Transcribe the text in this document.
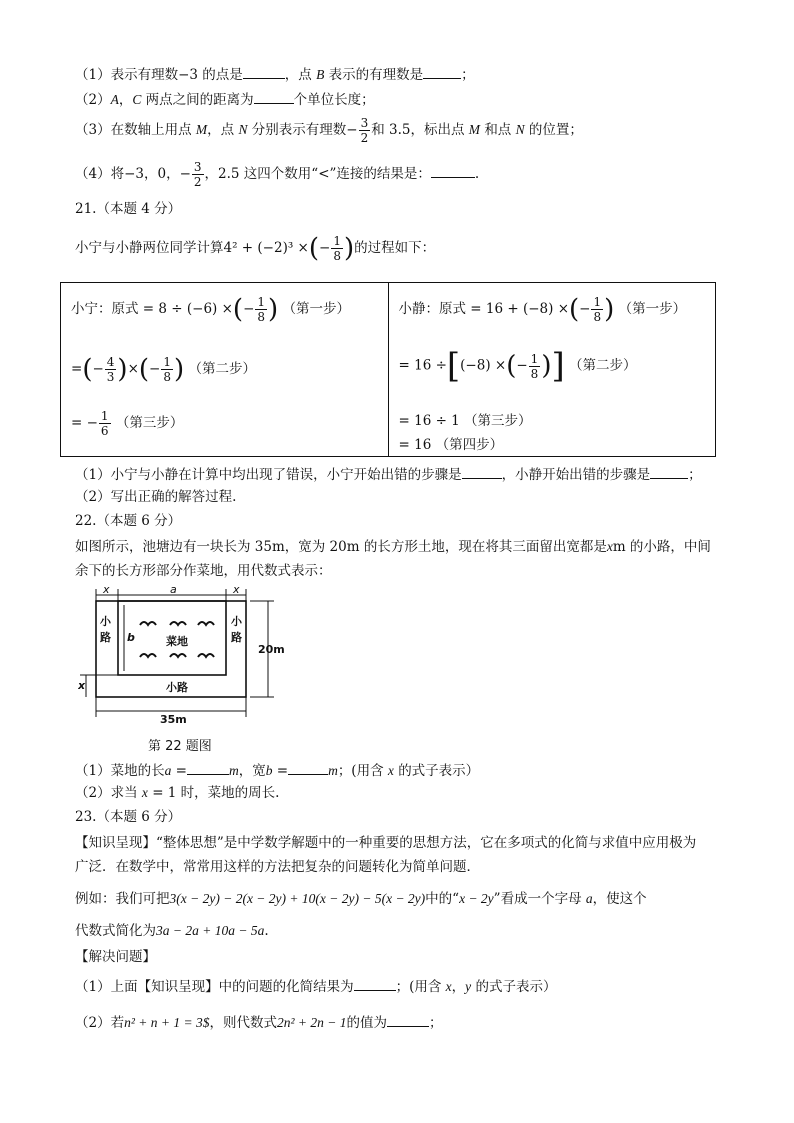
（1）表示有理数−3 的点是	，点 B 表示的有理数是	；
（2）A，C 两点之间的距离为	个单位长度；
（3）在数轴上用点 M，点 N 分别表示有理数− $\frac{3}{2}$ 和 3.5，标出点 M 和点 N 的位置；
（4）将−3，0，− $\frac{3}{2}$ ，2.5 这四个数用“<”连接的结果是：	.
21.（本题 4 分）
小宁与小静两位同学计算4² + (−2)³ ×(− $\frac{1}{8}$ )的过程如下：
小宁：原式 = 8 ÷ (−6) ×(− $\frac{1}{8}$ ) （第一步）
=(− $\frac{4}{3}$ )×(− $\frac{1}{8}$ ) （第二步）
= − $\frac{1}{6}$ （第三步）

小静：原式 = 16 + (−8) ×(− $\frac{1}{8}$ ) （第一步）
= 16 ÷[(−8) ×(− $\frac{1}{8}$ )] （第二步）
= 16 ÷ 1 （第三步）
= 16 （第四步）
（1）小宁与小静在计算中均出现了错误，小宁开始出错的步骤是	，小静开始出错的步骤是	；
（2）写出正确的解答过程.
22.（本题 6 分）
如图所示，池塘边有一块长为 35m，宽为 20m 的长方形土地，现在将其三面留出宽都是xm 的小路，中间
余下的长方形部分作菜地，用代数式表示：
x	a	x
小
路
小
路
小路
b	菜地
20m
x
35m
第 22 题图
（1）菜地的长a =	m，宽b =	m；(用含 x 的式子表示）
（2）求当 x = 1 时，菜地的周长.
23.（本题 6 分）
【知识呈现】“整体思想”是中学数学解题中的一种重要的思想方法，它在多项式的化简与求值中应用极为
广泛．在数学中，常常用这样的方法把复杂的问题转化为简单问题．
例如：我们可把3(x − 2y) − 2(x − 2y) + 10(x − 2y) − 5(x − 2y)中的“x − 2y”看成一个字母 a，使这个
代数式简化为3a − 2a + 10a − 5a.
【解决问题】
（1）上面【知识呈现】中的问题的化简结果为	；(用含 x，y 的式子表示）
（2）若n² + n + 1 = 3$，则代数式2n² + 2n − 1的值为	；
